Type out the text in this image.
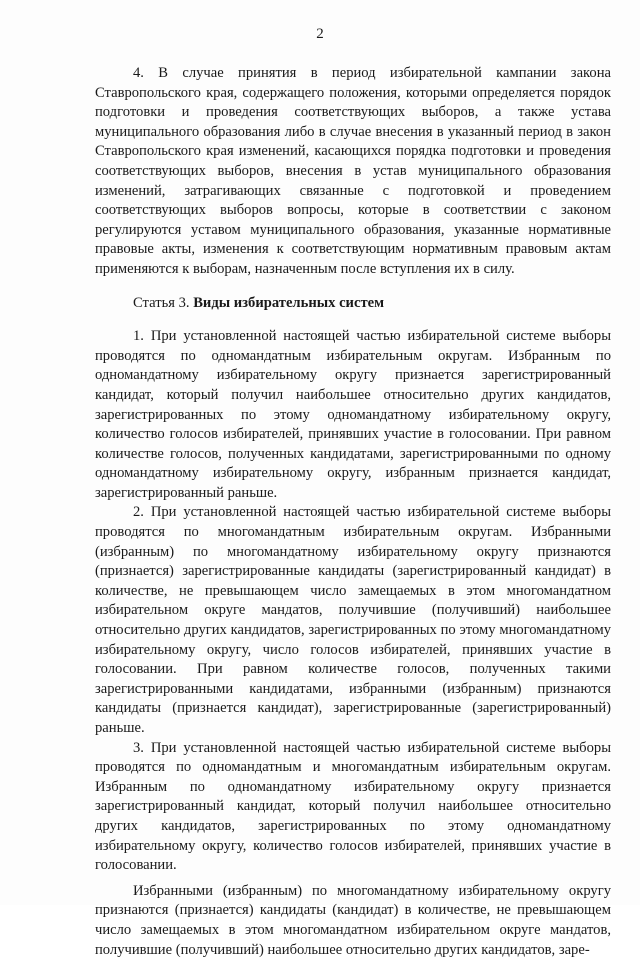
2

4. В случае принятия в период избирательной кампании закона Ставропольского края, содержащего положения, которыми определяется порядок подготовки и проведения соответствующих выборов, а также устава муниципального образования либо в случае внесения в указанный период в закон Ставропольского края изменений, касающихся порядка подготовки и проведения соответствующих выборов, внесения в устав муниципального образования изменений, затрагивающих связанные с подготовкой и проведением соответствующих выборов вопросы, которые в соответствии с законом регулируются уставом муниципального образования, указанные нормативные правовые акты, изменения к соответствующим нормативным правовым актам применяются к выборам, назначенным после вступления их в силу.

Статья 3. Виды избирательных систем

1. При установленной настоящей частью избирательной системе выборы проводятся по одномандатным избирательным округам. Избранным по одномандатному избирательному округу признается зарегистрированный кандидат, который получил наибольшее относительно других кандидатов, зарегистрированных по этому одномандатному избирательному округу, количество голосов избирателей, принявших участие в голосовании. При равном количестве голосов, полученных кандидатами, зарегистрированными по одному одномандатному избирательному округу, избранным признается кандидат, зарегистрированный раньше.

2. При установленной настоящей частью избирательной системе выборы проводятся по многомандатным избирательным округам. Избранными (избранным) по многомандатному избирательному округу признаются (признается) зарегистрированные кандидаты (зарегистрированный кандидат) в количестве, не превышающем число замещаемых в этом многомандатном избирательном округе мандатов, получившие (получивший) наибольшее относительно других кандидатов, зарегистрированных по этому многомандатному избирательному округу, число голосов избирателей, принявших участие в голосовании. При равном количестве голосов, полученных такими зарегистрированными кандидатами, избранными (избранным) признаются кандидаты (признается кандидат), зарегистрированные (зарегистрированный) раньше.

3. При установленной настоящей частью избирательной системе выборы проводятся по одномандатным и многомандатным избирательным округам. Избранным по одномандатному избирательному округу признается зарегистрированный кандидат, который получил наибольшее относительно других кандидатов, зарегистрированных по этому одномандатному избирательному округу, количество голосов избирателей, принявших участие в голосовании.

Избранными (избранным) по многомандатному избирательному округу признаются (признается) кандидаты (кандидат) в количестве, не превышающем число замещаемых в этом многомандатном избирательном округе мандатов, получившие (получивший) наибольшее относительно других кандидатов, заре-
